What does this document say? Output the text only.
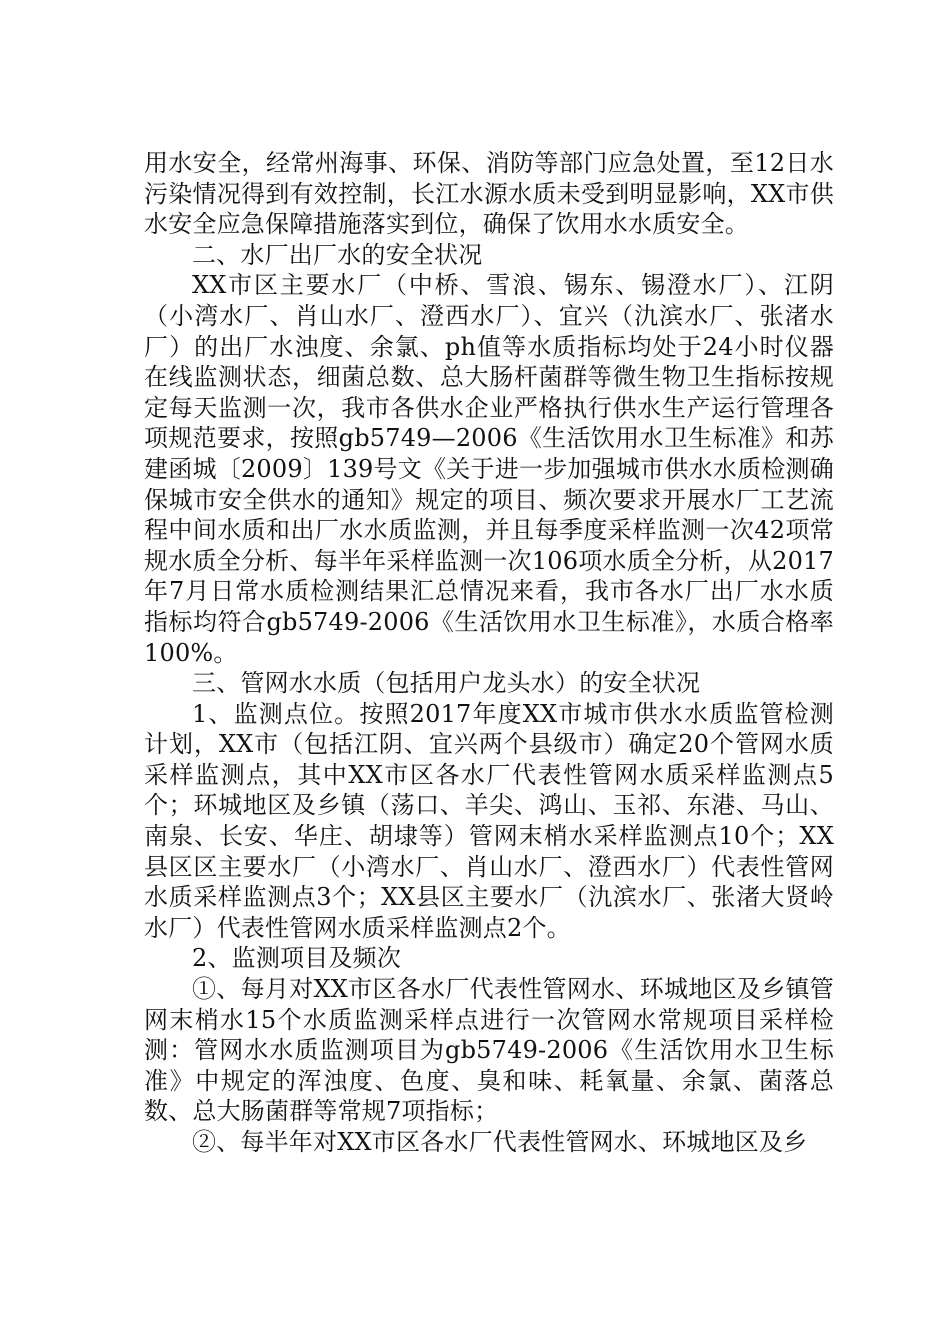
用水安全，经常州海事、环保、消防等部门应急处置，至12日水污染情况得到有效控制，长江水源水质未受到明显影响，XX市供水安全应急保障措施落实到位，确保了饮用水水质安全。

二、水厂出厂水的安全状况

XX市区主要水厂（中桥、雪浪、锡东、锡澄水厂）、江阴（小湾水厂、肖山水厂、澄西水厂）、宜兴（氿滨水厂、张渚水厂）的出厂水浊度、余氯、ph值等水质指标均处于24小时仪器在线监测状态，细菌总数、总大肠杆菌群等微生物卫生指标按规定每天监测一次，我市各供水企业严格执行供水生产运行管理各项规范要求，按照gb5749—2006《生活饮用水卫生标准》和苏建函城〔2009〕139号文《关于进一步加强城市供水水质检测确保城市安全供水的通知》规定的项目、频次要求开展水厂工艺流程中间水质和出厂水水质监测，并且每季度采样监测一次42项常规水质全分析、每半年采样监测一次106项水质全分析，从2017年7月日常水质检测结果汇总情况来看，我市各水厂出厂水水质指标均符合gb5749-2006《生活饮用水卫生标准》，水质合格率100%。

三、管网水水质（包括用户龙头水）的安全状况

1、监测点位。按照2017年度XX市城市供水水质监管检测计划，XX市（包括江阴、宜兴两个县级市）确定20个管网水质采样监测点，其中XX市区各水厂代表性管网水质采样监测点5个；环城地区及乡镇（荡口、羊尖、鸿山、玉祁、东港、马山、南泉、长安、华庄、胡埭等）管网末梢水采样监测点10个；XX县区区主要水厂（小湾水厂、肖山水厂、澄西水厂）代表性管网水质采样监测点3个；XX县区主要水厂（氿滨水厂、张渚大贤岭水厂）代表性管网水质采样监测点2个。

2、监测项目及频次

①、每月对XX市区各水厂代表性管网水、环城地区及乡镇管网末梢水15个水质监测采样点进行一次管网水常规项目采样检测：管网水水质监测项目为gb5749-2006《生活饮用水卫生标准》中规定的浑浊度、色度、臭和味、耗氧量、余氯、菌落总数、总大肠菌群等常规7项指标；

②、每半年对XX市区各水厂代表性管网水、环城地区及乡
